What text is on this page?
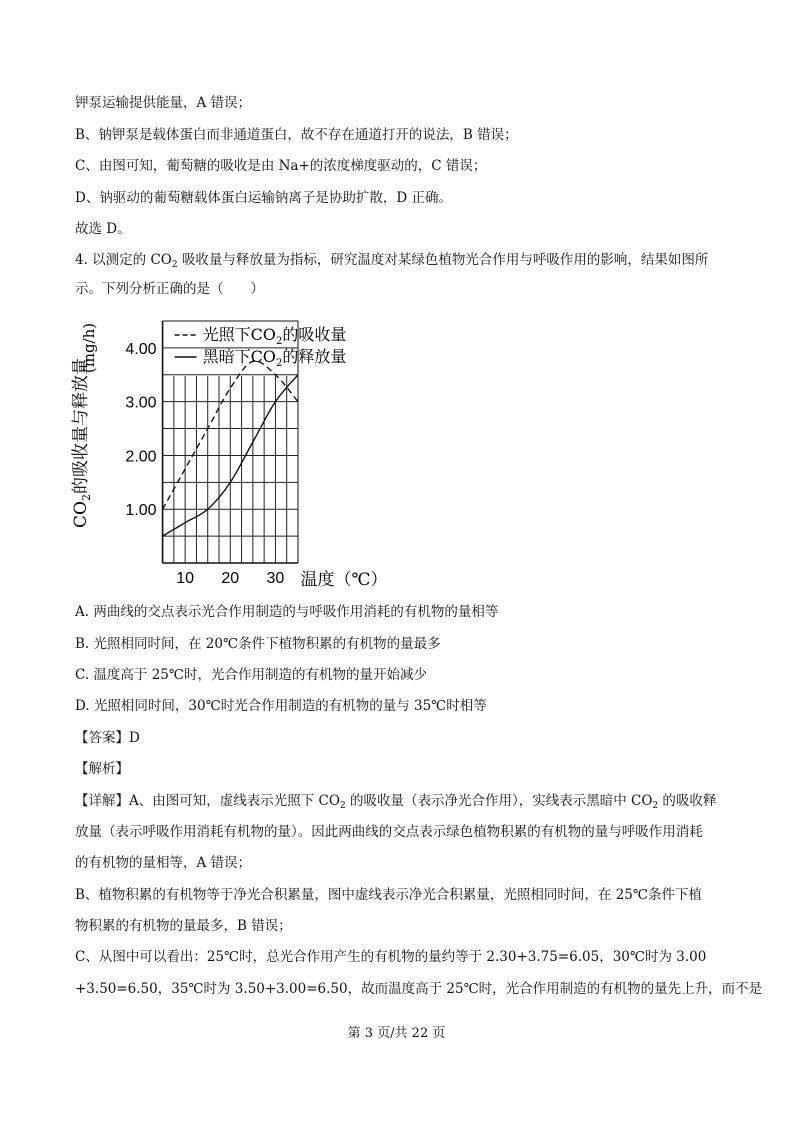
钾泵运输提供能量，A 错误；
B、钠钾泵是载体蛋白而非通道蛋白，故不存在通道打开的说法，B 错误；
C、由图可知，葡萄糖的吸收是由 Na+的浓度梯度驱动的，C 错误；
D、钠驱动的葡萄糖载体蛋白运输钠离子是协助扩散，D 正确。
故选 D。
4. 以测定的 $CO_2$ 吸收量与释放量为指标，研究温度对某绿色植物光合作用与呼吸作用的影响，结果如图所
示。下列分析正确的是（　　）
10 20 30
1.00
2.00
3.00
4.00
温度（℃）
$CO_2$的吸收量与释放量
(mg/h)	光照下$CO_2$的吸收量
黑暗下$CO_2$的释放量
A. 两曲线的交点表示光合作用制造的与呼吸作用消耗的有机物的量相等
B. 光照相同时间，在 20℃条件下植物积累的有机物的量最多
C. 温度高于 25℃时，光合作用制造的有机物的量开始减少
D. 光照相同时间，30℃时光合作用制造的有机物的量与 35℃时相等
【答案】D
【解析】
【详解】A、由图可知，虚线表示光照下 $CO_2$ 的吸收量（表示净光合作用），实线表示黑暗中 $CO_2$ 的吸收释
放量（表示呼吸作用消耗有机物的量）。因此两曲线的交点表示绿色植物积累的有机物的量与呼吸作用消耗
的有机物的量相等，A 错误；
B、植物积累的有机物等于净光合积累量，图中虚线表示净光合积累量，光照相同时间，在 25℃条件下植
物积累的有机物的量最多，B 错误；
C、从图中可以看出：25℃时，总光合作用产生的有机物的量约等于 2.30+3.75=6.05，30℃时为 3.00
+3.50=6.50，35℃时为 3.50+3.00=6.50，故而温度高于 25℃时，光合作用制造的有机物的量先上升，而不是
第 3 页/共 22 页
